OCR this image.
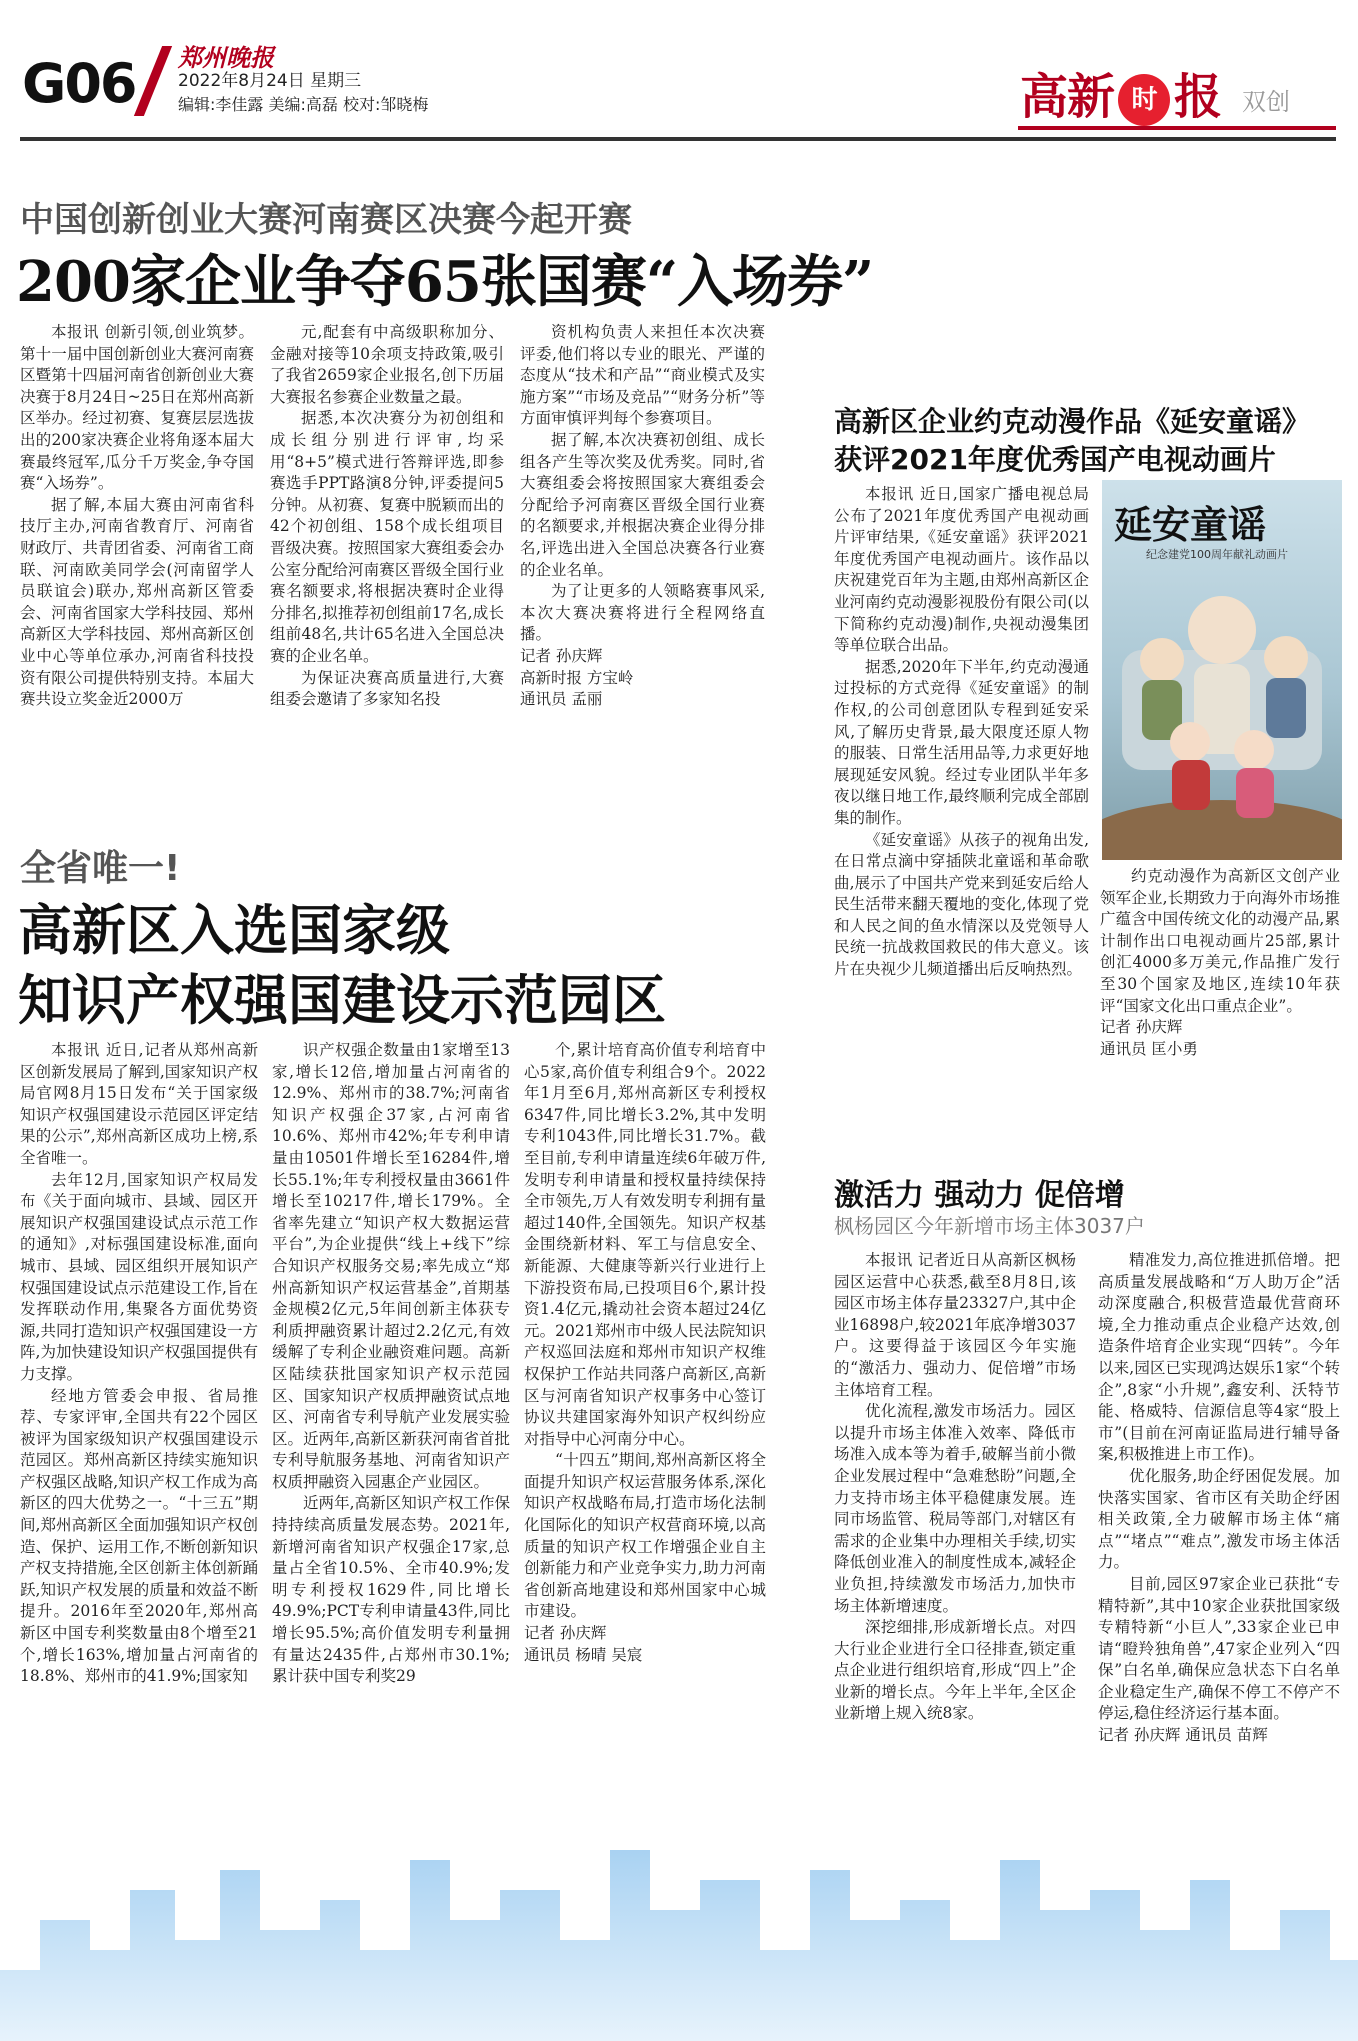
G06 郑州晚报
2022年8月24日 星期三
编辑:李佳露 美编:高磊 校对:邹晓梅	高新 时 报 双创
中国创新创业大赛河南赛区决赛今起开赛
200家企业争夺65张国赛“入场券”

本报讯 创新引领,创业筑梦。第十一届中国创新创业大赛河南赛区暨第十四届河南省创新创业大赛决赛于8月24日~25日在郑州高新区举办。经过初赛、复赛层层选拔出的200家决赛企业将角逐本届大赛最终冠军,瓜分千万奖金,争夺国赛“入场券”。

据了解,本届大赛由河南省科技厅主办,河南省教育厅、河南省财政厅、共青团省委、河南省工商联、河南欧美同学会(河南留学人员联谊会)联办,郑州高新区管委会、河南省国家大学科技园、郑州高新区大学科技园、郑州高新区创业中心等单位承办,河南省科技投资有限公司提供特别支持。本届大赛共设立奖金近2000万

元,配套有中高级职称加分、金融对接等10余项支持政策,吸引了我省2659家企业报名,创下历届大赛报名参赛企业数量之最。

据悉,本次决赛分为初创组和成长组分别进行评审,均采用“8+5”模式进行答辩评选,即参赛选手PPT路演8分钟,评委提问5分钟。从初赛、复赛中脱颖而出的42个初创组、158个成长组项目晋级决赛。按照国家大赛组委会办公室分配给河南赛区晋级全国行业赛名额要求,将根据决赛时企业得分排名,拟推荐初创组前17名,成长组前48名,共计65名进入全国总决赛的企业名单。

为保证决赛高质量进行,大赛组委会邀请了多家知名投

资机构负责人来担任本次决赛评委,他们将以专业的眼光、严谨的态度从“技术和产品”“商业模式及实施方案”“市场及竞品”“财务分析”等方面审慎评判每个参赛项目。

据了解,本次决赛初创组、成长组各产生等次奖及优秀奖。同时,省大赛组委会将按照国家大赛组委会分配给予河南赛区晋级全国行业赛的名额要求,并根据决赛企业得分排名,评选出进入全国总决赛各行业赛的企业名单。

为了让更多的人领略赛事风采,本次大赛决赛将进行全程网络直播。

记者 孙庆辉

高新时报 方宝岭

通讯员 孟丽

全省唯一!
高新区入选国家级
知识产权强国建设示范园区

本报讯 近日,记者从郑州高新区创新发展局了解到,国家知识产权局官网8月15日发布“关于国家级知识产权强国建设示范园区评定结果的公示”,郑州高新区成功上榜,系全省唯一。

去年12月,国家知识产权局发布《关于面向城市、县域、园区开展知识产权强国建设试点示范工作的通知》,对标强国建设标准,面向城市、县域、园区组织开展知识产权强国建设试点示范建设工作,旨在发挥联动作用,集聚各方面优势资源,共同打造知识产权强国建设一方阵,为加快建设知识产权强国提供有力支撑。

经地方管委会申报、省局推荐、专家评审,全国共有22个园区被评为国家级知识产权强国建设示范园区。郑州高新区持续实施知识产权强区战略,知识产权工作成为高新区的四大优势之一。“十三五”期间,郑州高新区全面加强知识产权创造、保护、运用工作,不断创新知识产权支持措施,全区创新主体创新踊跃,知识产权发展的质量和效益不断提升。2016年至2020年,郑州高新区中国专利奖数量由8个增至21个,增长163%,增加量占河南省的18.8%、郑州市的41.9%;国家知

识产权强企数量由1家增至13家,增长12倍,增加量占河南省的12.9%、郑州市的38.7%;河南省知识产权强企37家,占河南省10.6%、郑州市42%;年专利申请量由10501件增长至16284件,增长55.1%;年专利授权量由3661件增长至10217件,增长179%。全省率先建立“知识产权大数据运营平台”,为企业提供“线上+线下”综合知识产权服务交易;率先成立“郑州高新知识产权运营基金”,首期基金规模2亿元,5年间创新主体获专利质押融资累计超过2.2亿元,有效缓解了专利企业融资难问题。高新区陆续获批国家知识产权示范园区、国家知识产权质押融资试点地区、河南省专利导航产业发展实验区。近两年,高新区新获河南省首批专利导航服务基地、河南省知识产权质押融资入园惠企产业园区。

近两年,高新区知识产权工作保持持续高质量发展态势。2021年,新增河南省知识产权强企17家,总量占全省10.5%、全市40.9%;发明专利授权1629件,同比增长49.9%;PCT专利申请量43件,同比增长95.5%;高价值发明专利量拥有量达2435件,占郑州市30.1%;累计获中国专利奖29

个,累计培育高价值专利培育中心5家,高价值专利组合9个。2022年1月至6月,郑州高新区专利授权6347件,同比增长3.2%,其中发明专利1043件,同比增长31.7%。截至目前,专利申请量连续6年破万件,发明专利申请量和授权量持续保持全市领先,万人有效发明专利拥有量超过140件,全国领先。知识产权基金围绕新材料、军工与信息安全、新能源、大健康等新兴行业进行上下游投资布局,已投项目6个,累计投资1.4亿元,撬动社会资本超过24亿元。2021郑州市中级人民法院知识产权巡回法庭和郑州市知识产权维权保护工作站共同落户高新区,高新区与河南省知识产权事务中心签订协议共建国家海外知识产权纠纷应对指导中心河南分中心。

“十四五”期间,郑州高新区将全面提升知识产权运营服务体系,深化知识产权战略布局,打造市场化法制化国际化的知识产权营商环境,以高质量的知识产权工作增强企业自主创新能力和产业竞争实力,助力河南省创新高地建设和郑州国家中心城市建设。

记者 孙庆辉

通讯员 杨晴 吴宸

高新区企业约克动漫作品《延安童谣》
获评2021年度优秀国产电视动画片

本报讯 近日,国家广播电视总局公布了2021年度优秀国产电视动画片评审结果,《延安童谣》获评2021年度优秀国产电视动画片。该作品以庆祝建党百年为主题,由郑州高新区企业河南约克动漫影视股份有限公司(以下简称约克动漫)制作,央视动漫集团等单位联合出品。

据悉,2020年下半年,约克动漫通过投标的方式竞得《延安童谣》的制作权,的公司创意团队专程到延安采风,了解历史背景,最大限度还原人物的服装、日常生活用品等,力求更好地展现延安风貌。经过专业团队半年多夜以继日地工作,最终顺利完成全部剧集的制作。

《延安童谣》从孩子的视角出发,在日常点滴中穿插陕北童谣和革命歌曲,展示了中国共产党来到延安后给人民生活带来翻天覆地的变化,体现了党和人民之间的鱼水情深以及党领导人民统一抗战救国救民的伟大意义。该片在央视少儿频道播出后反响热烈。

延安童谣
纪念建党100周年献礼动画片

约克动漫作为高新区文创产业领军企业,长期致力于向海外市场推广蕴含中国传统文化的动漫产品,累计制作出口电视动画片25部,累计创汇4000多万美元,作品推广发行至30个国家及地区,连续10年获评“国家文化出口重点企业”。

记者 孙庆辉

通讯员 匡小勇

激活力 强动力 促倍增
枫杨园区今年新增市场主体3037户

本报讯 记者近日从高新区枫杨园区运营中心获悉,截至8月8日,该园区市场主体存量23327户,其中企业16898户,较2021年底净增3037户。这要得益于该园区今年实施的“激活力、强动力、促倍增”市场主体培育工程。

优化流程,激发市场活力。园区以提升市场主体准入效率、降低市场准入成本等为着手,破解当前小微企业发展过程中“急难愁盼”问题,全力支持市场主体平稳健康发展。连同市场监管、税局等部门,对辖区有需求的企业集中办理相关手续,切实降低创业准入的制度性成本,减轻企业负担,持续激发市场活力,加快市场主体新增速度。

深挖细排,形成新增长点。对四大行业企业进行全口径排查,锁定重点企业进行组织培育,形成“四上”企业新的增长点。今年上半年,全区企业新增上规入统8家。

精准发力,高位推进抓倍增。把高质量发展战略和“万人助万企”活动深度融合,积极营造最优营商环境,全力推动重点企业稳产达效,创造条件培育企业实现“四转”。今年以来,园区已实现鸿达娱乐1家“个转企”,8家“小升规”,鑫安利、沃特节能、格威特、信源信息等4家“股上市”(目前在河南证监局进行辅导备案,积极推进上市工作)。

优化服务,助企纾困促发展。加快落实国家、省市区有关助企纾困相关政策,全力破解市场主体“痛点”“堵点”“难点”,激发市场主体活力。

目前,园区97家企业已获批“专精特新”,其中10家企业获批国家级专精特新“小巨人”,33家企业已申请“瞪羚独角兽”,47家企业列入“四保”白名单,确保应急状态下白名单企业稳定生产,确保不停工不停产不停运,稳住经济运行基本面。

记者 孙庆辉 通讯员 苗辉
